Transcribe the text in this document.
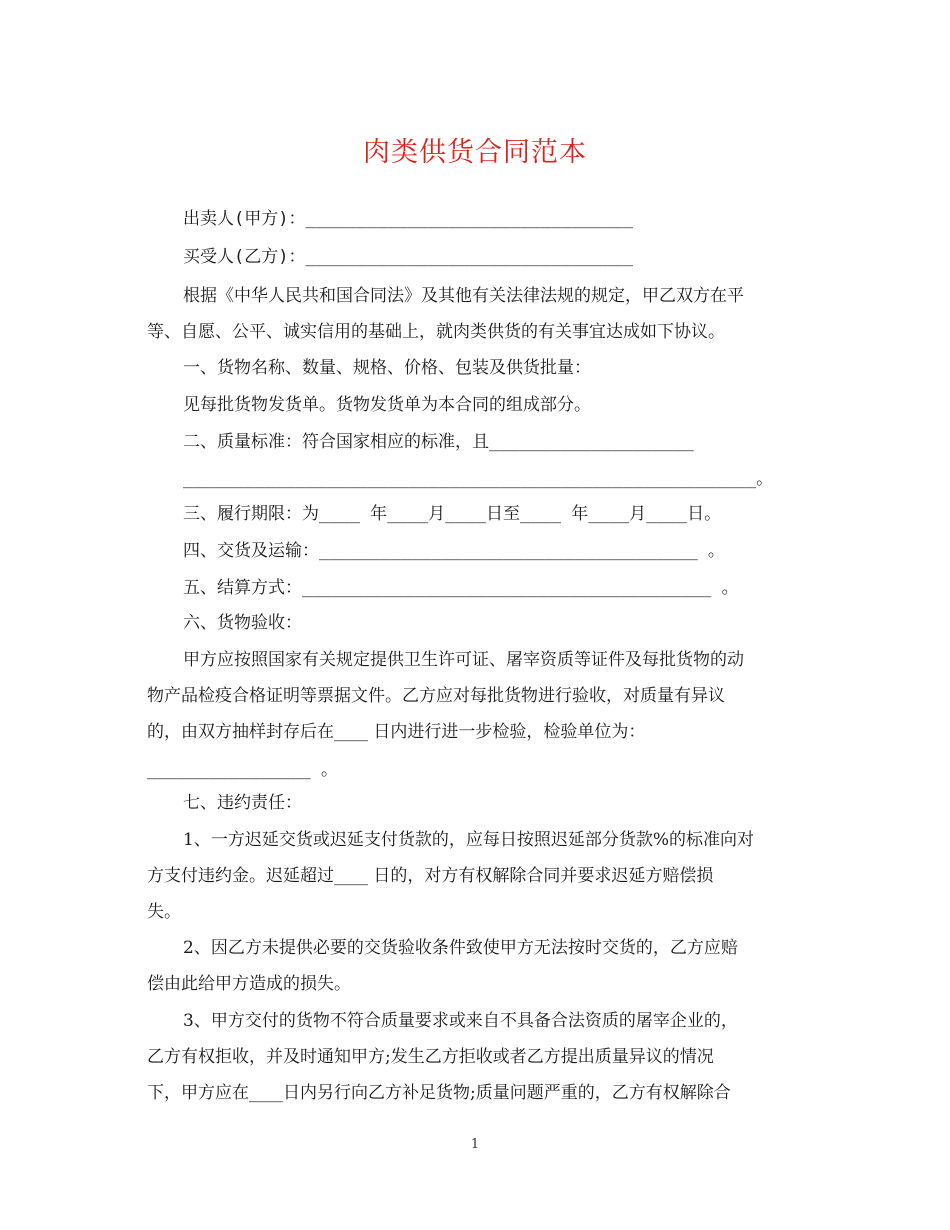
肉类供货合同范本
出卖人(甲方)：________________________________
买受人(乙方)：________________________________
根据《中华人民共和国合同法》及其他有关法律法规的规定，甲乙双方在平
等、自愿、公平、诚实信用的基础上，就肉类供货的有关事宜达成如下协议。
一、货物名称、数量、规格、价格、包装及供货批量：
见每批货物发货单。货物发货单为本合同的组成部分。
二、质量标准：符合国家相应的标准，且____________________
________________________________________________________。
三、履行期限：为____ 年____月____日至____ 年____月____日。
四、交货及运输：_____________________________________ 。
五、结算方式：________________________________________ 。
六、货物验收：
甲方应按照国家有关规定提供卫生许可证、屠宰资质等证件及每批货物的动
物产品检疫合格证明等票据文件。乙方应对每批货物进行验收，对质量有异议
的，由双方抽样封存后在____ 日内进行进一步检验，检验单位为：
________________ 。
七、违约责任：
1、一方迟延交货或迟延支付货款的，应每日按照迟延部分货款%的标准向对
方支付违约金。迟延超过____ 日的，对方有权解除合同并要求迟延方赔偿损
失。
2、因乙方未提供必要的交货验收条件致使甲方无法按时交货的，乙方应赔
偿由此给甲方造成的损失。
3、甲方交付的货物不符合质量要求或来自不具备合法资质的屠宰企业的，
乙方有权拒收，并及时通知甲方;发生乙方拒收或者乙方提出质量异议的情况
下，甲方应在____日内另行向乙方补足货物;质量问题严重的，乙方有权解除合
1
